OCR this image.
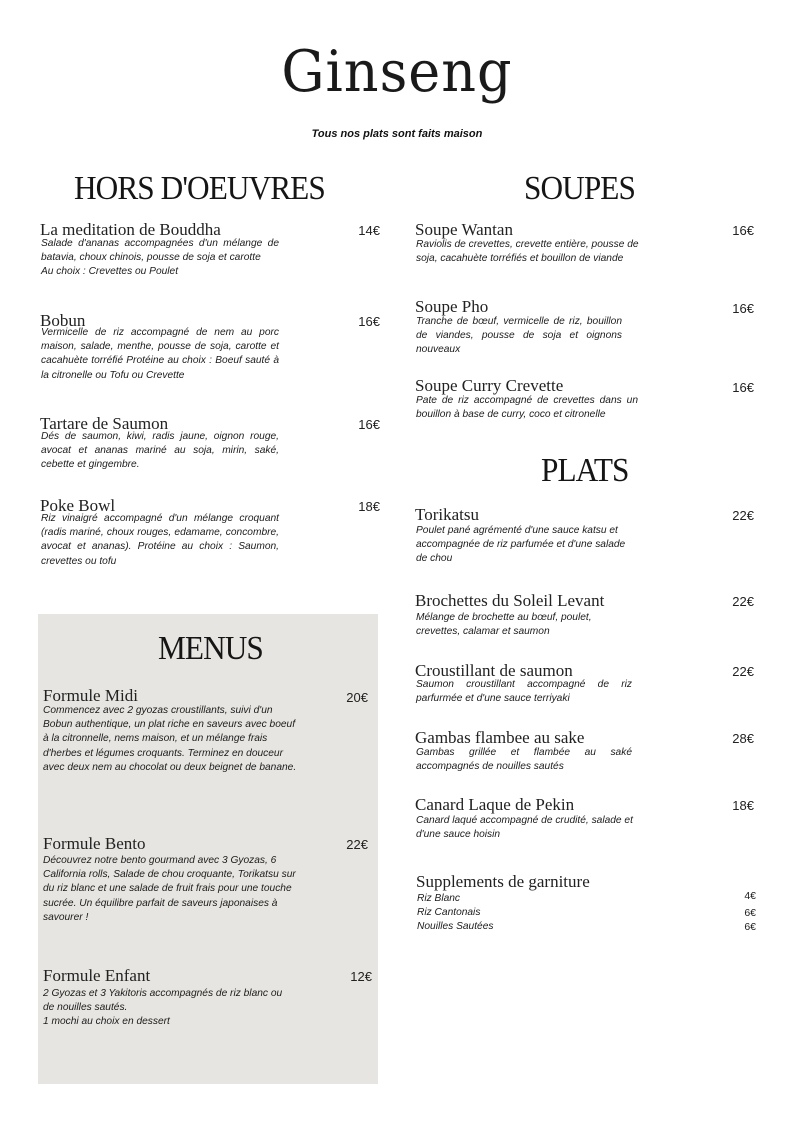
Ginseng
Tous nos plats sont faits maison
HORS D'OEUVRES
La meditation de Bouddha	14€
Salade d'ananas accompagnées d'un mélange de batavia, choux chinois, pousse de soja et carotte
Au choix : Crevettes ou Poulet
Bobun	16€
Vermicelle de riz accompagné de nem au porc maison, salade, menthe, pousse de soja, carotte et cacahuète torréfié Protéine au choix : Boeuf sauté à la citronelle ou Tofu ou Crevette
Tartare de Saumon	16€
Dés de saumon, kiwi, radis jaune, oignon rouge, avocat et ananas mariné au soja, mirin, saké, cebette et gingembre.
Poke Bowl	18€
Riz vinaigré accompagné d'un mélange croquant (radis mariné, choux rouges, edamame, concombre, avocat et ananas). Protéine au choix : Saumon, crevettes ou tofu
MENUS
Formule Midi	20€
Commencez avec 2 gyozas croustillants, suivi d'un Bobun authentique, un plat riche en saveurs avec boeuf à la citronnelle, nems maison, et un mélange frais d'herbes et légumes croquants. Terminez en douceur avec deux nem au chocolat ou deux beignet de banane.
Formule Bento	22€
Découvrez notre bento gourmand avec 3 Gyozas, 6 California rolls, Salade de chou croquante, Torikatsu sur du riz blanc et une salade de fruit frais pour une touche sucrée. Un équilibre parfait de saveurs japonaises à savourer !
Formule Enfant	12€
2 Gyozas et 3 Yakitoris accompagnés de riz blanc ou de nouilles sautés.
1 mochi au choix en dessert
SOUPES
Soupe Wantan	16€
Raviolis de crevettes, crevette entière, pousse de soja, cacahuète torréfiés et bouillon de viande
Soupe Pho	16€
Tranche de bœuf, vermicelle de riz, bouillon de viandes, pousse de soja et oignons nouveaux
Soupe Curry Crevette	16€
Pate de riz accompagné de crevettes dans un bouillon à base de curry, coco et citronelle
PLATS
Torikatsu	22€
Poulet pané agrémenté d'une sauce katsu et accompagnée de riz parfumée et d'une salade de chou
Brochettes du Soleil Levant	22€
Mélange de brochette au bœuf, poulet, crevettes, calamar et saumon
Croustillant de saumon	22€
Saumon croustillant accompagné de riz parfurmée et d'une sauce terriyaki
Gambas flambee au sake	28€
Gambas grillée et flambée au saké accompagnés de nouilles sautés
Canard Laque de Pekin	18€
Canard laqué accompagné de crudité, salade et d'une sauce hoisin
Supplements de garniture
Riz Blanc	4€
Riz Cantonais	6€
Nouilles Sautées	6€
